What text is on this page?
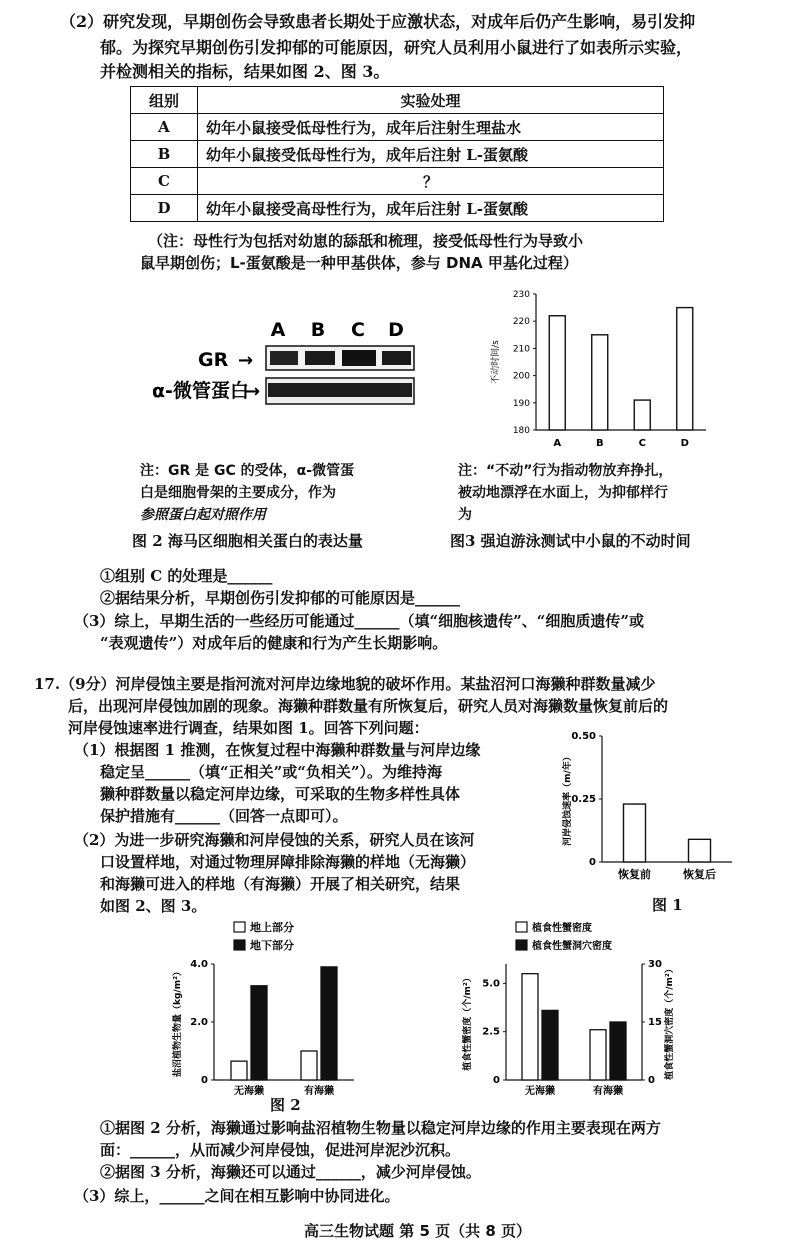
（2）研究发现，早期创伤会导致患者长期处于应激状态，对成年后仍产生影响，易引发抑
郁。为探究早期创伤引发抑郁的可能原因，研究人员利用小鼠进行了如表所示实验，
并检测相关的指标，结果如图 2、图 3。
组别	实验处理
A	幼年小鼠接受低母性行为，成年后注射生理盐水
B	幼年小鼠接受低母性行为，成年后注射 L-蛋氨酸
C	？
D	幼年小鼠接受高母性行为，成年后注射 L-蛋氨酸
（注：母性行为包括对幼崽的舔舐和梳理，接受低母性行为导致小
鼠早期创伤；L-蛋氨酸是一种甲基供体，参与 DNA 甲基化过程）
A B C D
GR →
α-微管蛋白
→
180
190
200
210
220
230
不动时间/s
A	B	C	D
注：GR 是 GC 的受体，α-微管蛋
白是细胞骨架的主要成分，作为
参照蛋白起对照作用
图 2 海马区细胞相关蛋白的表达量
注：“不动”行为指动物放弃挣扎，
被动地漂浮在水面上，为抑郁样行
为
图3 强迫游泳测试中小鼠的不动时间
①组别 C 的处理是______
②据结果分析，早期创伤引发抑郁的可能原因是______
（3）综上，早期生活的一些经历可能通过______（填“细胞核遗传”、“细胞质遗传”或
“表观遗传”）对成年后的健康和行为产生长期影响。
17.（9分）河岸侵蚀主要是指河流对河岸边缘地貌的破坏作用。某盐沼河口海獭种群数量减少
后，出现河岸侵蚀加剧的现象。海獭种群数量有所恢复后，研究人员对海獭数量恢复前后的
河岸侵蚀速率进行调查，结果如图 1。回答下列问题：
（1）根据图 1 推测，在恢复过程中海獭种群数量与河岸边缘
稳定呈______（填“正相关”或“负相关”）。为维持海
獭种群数量以稳定河岸边缘，可采取的生物多样性具体
保护措施有______（回答一点即可）。
（2）为进一步研究海獭和河岸侵蚀的关系，研究人员在该河
口设置样地，对通过物理屏障排除海獭的样地（无海獭）
和海獭可进入的样地（有海獭）开展了相关研究，结果
如图 2、图 3。
0
0.25
0.50
河岸侵蚀速率（m/年）
恢复前	恢复后
图 1
地上部分
地下部分
0
2.0
4.0
盐沼植物生物量（kg/m²）
无海獭	有海獭
图 2
植食性蟹密度
植食性蟹洞穴密度
0
2.5
5.0
0
15
30
植食性蟹密度（个/m²）	植食性蟹洞穴密度（个/m²）
无海獭	有海獭
①据图 2 分析，海獭通过影响盐沼植物生物量以稳定河岸边缘的作用主要表现在两方
面：______，从而减少河岸侵蚀，促进河岸泥沙沉积。
②据图 3 分析，海獭还可以通过______，减少河岸侵蚀。
（3）综上，______之间在相互影响中协同进化。
高三生物试题 第 5 页（共 8 页）
